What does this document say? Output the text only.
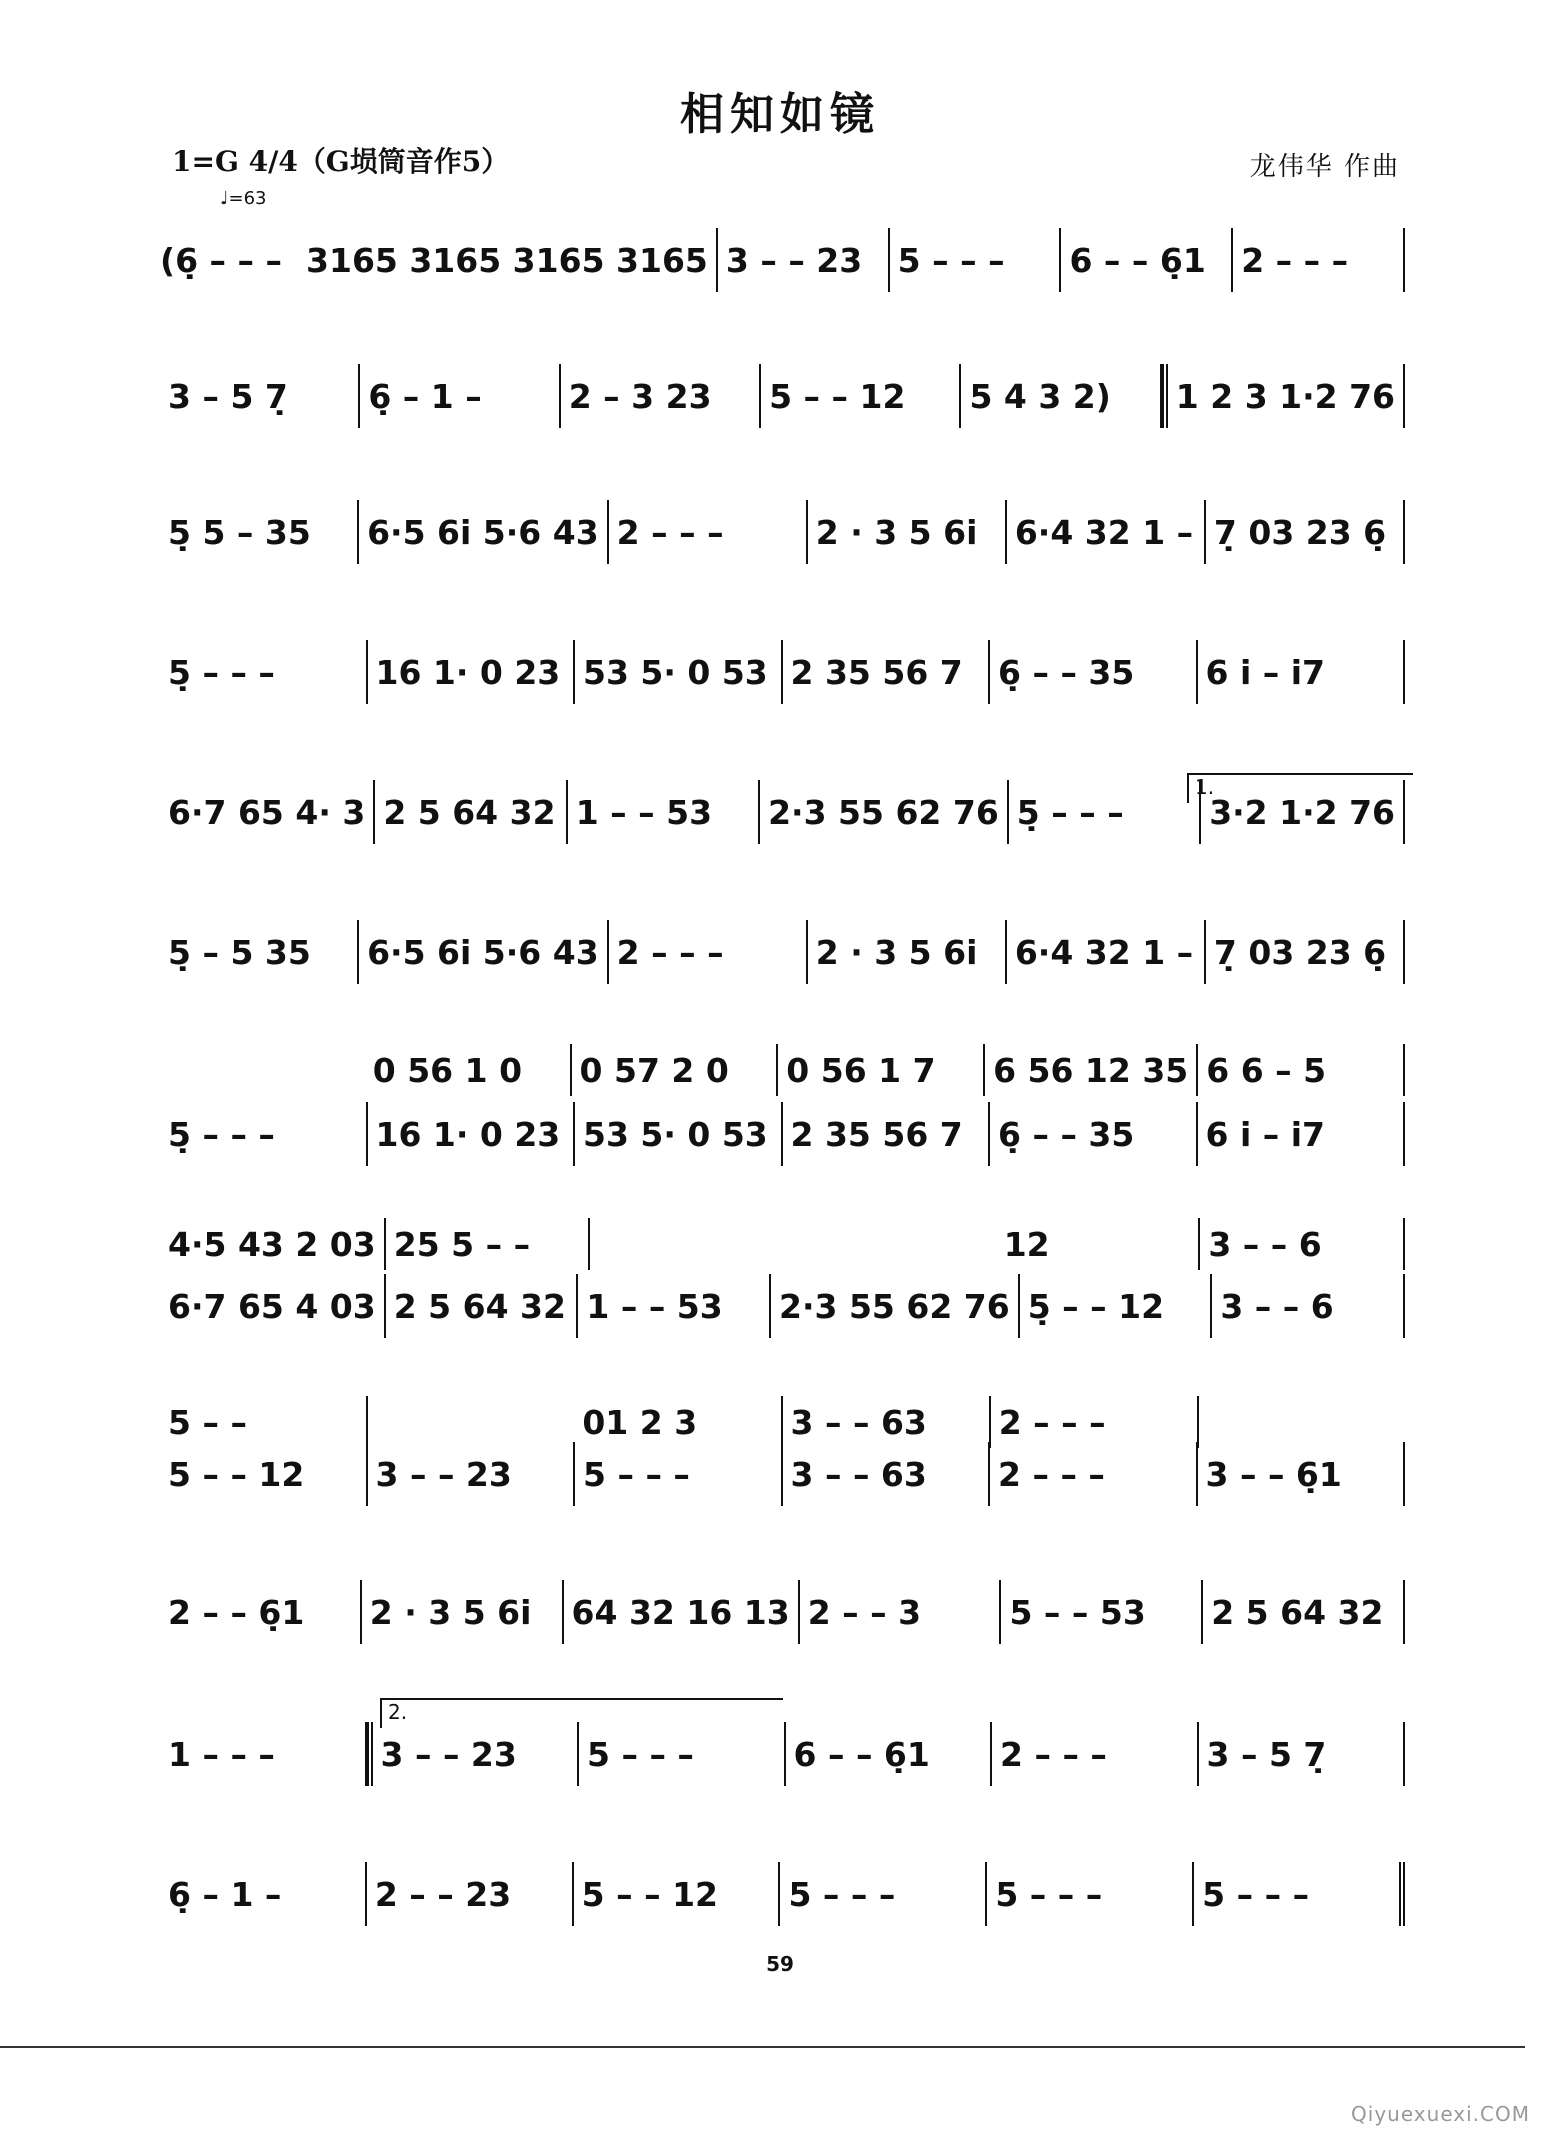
相知如镜
1=G 4/4（G埙筒音作5）
♩=63
龙伟华 作曲
(6̣ – – – 3165 3165 3165 3165 3 – – 23	5 – – –	6 – – 6̣1	2 – – –
3 – 5 7̣	6̣ – 1 –	2 – 3 23	5 – – 12	5 4 3 2)	1 2 3 1·2 76
5̣ 5 – 35	6·5 6i 5·6 43 2 – – –	2 · 3 5 6i	6·4 32 1 – 7̣ 03 23 6̣
5̣ – – –	16 1· 0 23 53 5· 0 53 2 35 56 7	6̣ – – 35	6 i – i7
6·7 65 4· 3 2 5 64 32 1 – – 53	2·3 55 62 76 5̣ – – –	3·2 1·2 76
5̣ – 5 35	6·5 6i 5·6 43 2 – – –	2 · 3 5 6i	6·4 32 1 – 7̣ 03 23 6̣
0 56 1 0	0 57 2 0	0 56 1 7	6 56 12 35 6 6 – 5
5̣ – – –	16 1· 0 23 53 5· 0 53 2 35 56 7	6̣ – – 35	6 i – i7
4·5 43 2 03 25 5 – –	12	3 – – 6
6·7 65 4 03 2 5 64 32 1 – – 53	2·3 55 62 76 5̣ – – 12	3 – – 6
5 – –	01 2 3	3 – – 63	2 – – –
5 – – 12	3 – – 23	5 – – –	3 – – 63	2 – – –	3 – – 6̣1
2 – – 6̣1	2 · 3 5 6i	64 32 16 13 2 – – 3	5 – – 53	2 5 64 32
1 – – –	3 – – 23	5 – – –	6 – – 6̣1	2 – – –	3 – 5 7̣
6̣ – 1 –	2 – – 23	5 – – 12	5 – – –	5 – – –	5 – – –
1.
2.
59
Qiyuexuexi.COM
